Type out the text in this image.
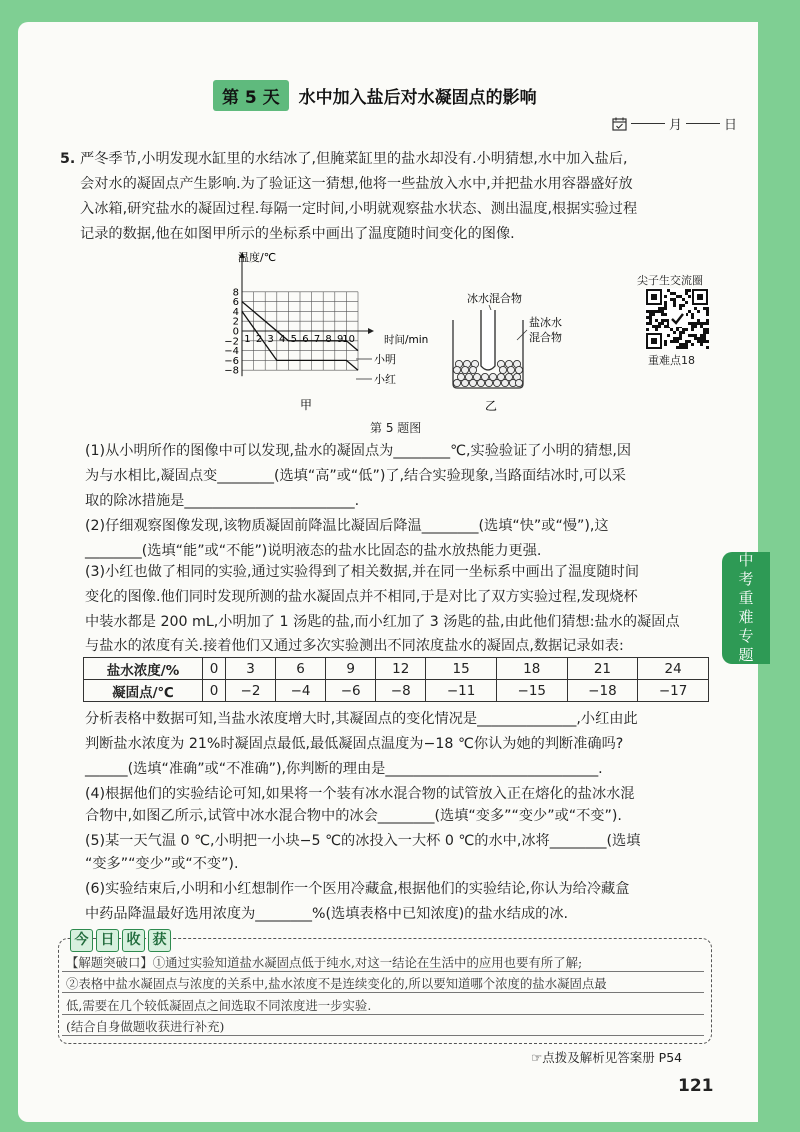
中
考
重
难
专
题
第 5 天	水中加入盐后对水凝固点的影响
月	日
5. 严冬季节,小明发现水缸里的水结冰了,但腌菜缸里的盐水却没有.小明猜想,水中加入盐后,
会对水的凝固点产生影响.为了验证这一猜想,他将一些盐放入水中,并把盐水用容器盛好放
入冰箱,研究盐水的凝固过程.每隔一定时间,小明就观察盐水状态、测出温度,根据实验过程
记录的数据,他在如图甲所示的坐标系中画出了温度随时间变化的图像.
8
6
4
2
0
−2
−4
−6
−8
1 2 3 4 5 6 7 8 9
10
温度/℃
时间/min
小明
小红
甲
冰水混合物
盐冰水
混合物
乙
尖子生交流圈
重难点18
第 5 题图
(1)从小明所作的图像中可以发现,盐水的凝固点为________℃,实验验证了小明的猜想,因
为与水相比,凝固点变________(选填“高”或“低”)了,结合实验现象,当路面结冰时,可以采
取的除冰措施是________________________.
(2)仔细观察图像发现,该物质凝固前降温比凝固后降温________(选填“快”或“慢”),这
________(选填“能”或“不能”)说明液态的盐水比固态的盐水放热能力更强.
(3)小红也做了相同的实验,通过实验得到了相关数据,并在同一坐标系中画出了温度随时间
变化的图像.他们同时发现所测的盐水凝固点并不相同,于是对比了双方实验过程,发现烧杯
中装水都是 200 mL,小明加了 1 汤匙的盐,而小红加了 3 汤匙的盐,由此他们猜想:盐水的凝固点
与盐水的浓度有关.接着他们又通过多次实验测出不同浓度盐水的凝固点,数据记录如表:
盐水浓度/%	0	3	6	9	12	15	18	21	24
凝固点/℃	0	−2	−4	−6	−8	−11	−15	−18	−17
分析表格中数据可知,当盐水浓度增大时,其凝固点的变化情况是______________,小红由此
判断盐水浓度为 21%时凝固点最低,最低凝固点温度为−18 ℃你认为她的判断准确吗?
______(选填“准确”或“不准确”),你判断的理由是______________________________.
(4)根据他们的实验结论可知,如果将一个装有冰水混合物的试管放入正在熔化的盐冰水混
合物中,如图乙所示,试管中冰水混合物中的冰会________(选填“变多”“变少”或“不变”).
(5)某一天气温 0 ℃,小明把一小块−5 ℃的冰投入一大杯 0 ℃的水中,冰将________(选填
“变多”“变少”或“不变”).
(6)实验结束后,小明和小红想制作一个医用冷藏盒,根据他们的实验结论,你认为给冷藏盒
中药品降温最好选用浓度为________%(选填表格中已知浓度)的盐水结成的冰.
今 日 收 获
【解题突破口】①通过实验知道盐水凝固点低于纯水,对这一结论在生活中的应用也要有所了解;
②表格中盐水凝固点与浓度的关系中,盐水浓度不是连续变化的,所以要知道哪个浓度的盐水凝固点最
低,需要在几个较低凝固点之间选取不同浓度进一步实验.
(结合自身做题收获进行补充)
☞点拨及解析见答案册 P54
121
